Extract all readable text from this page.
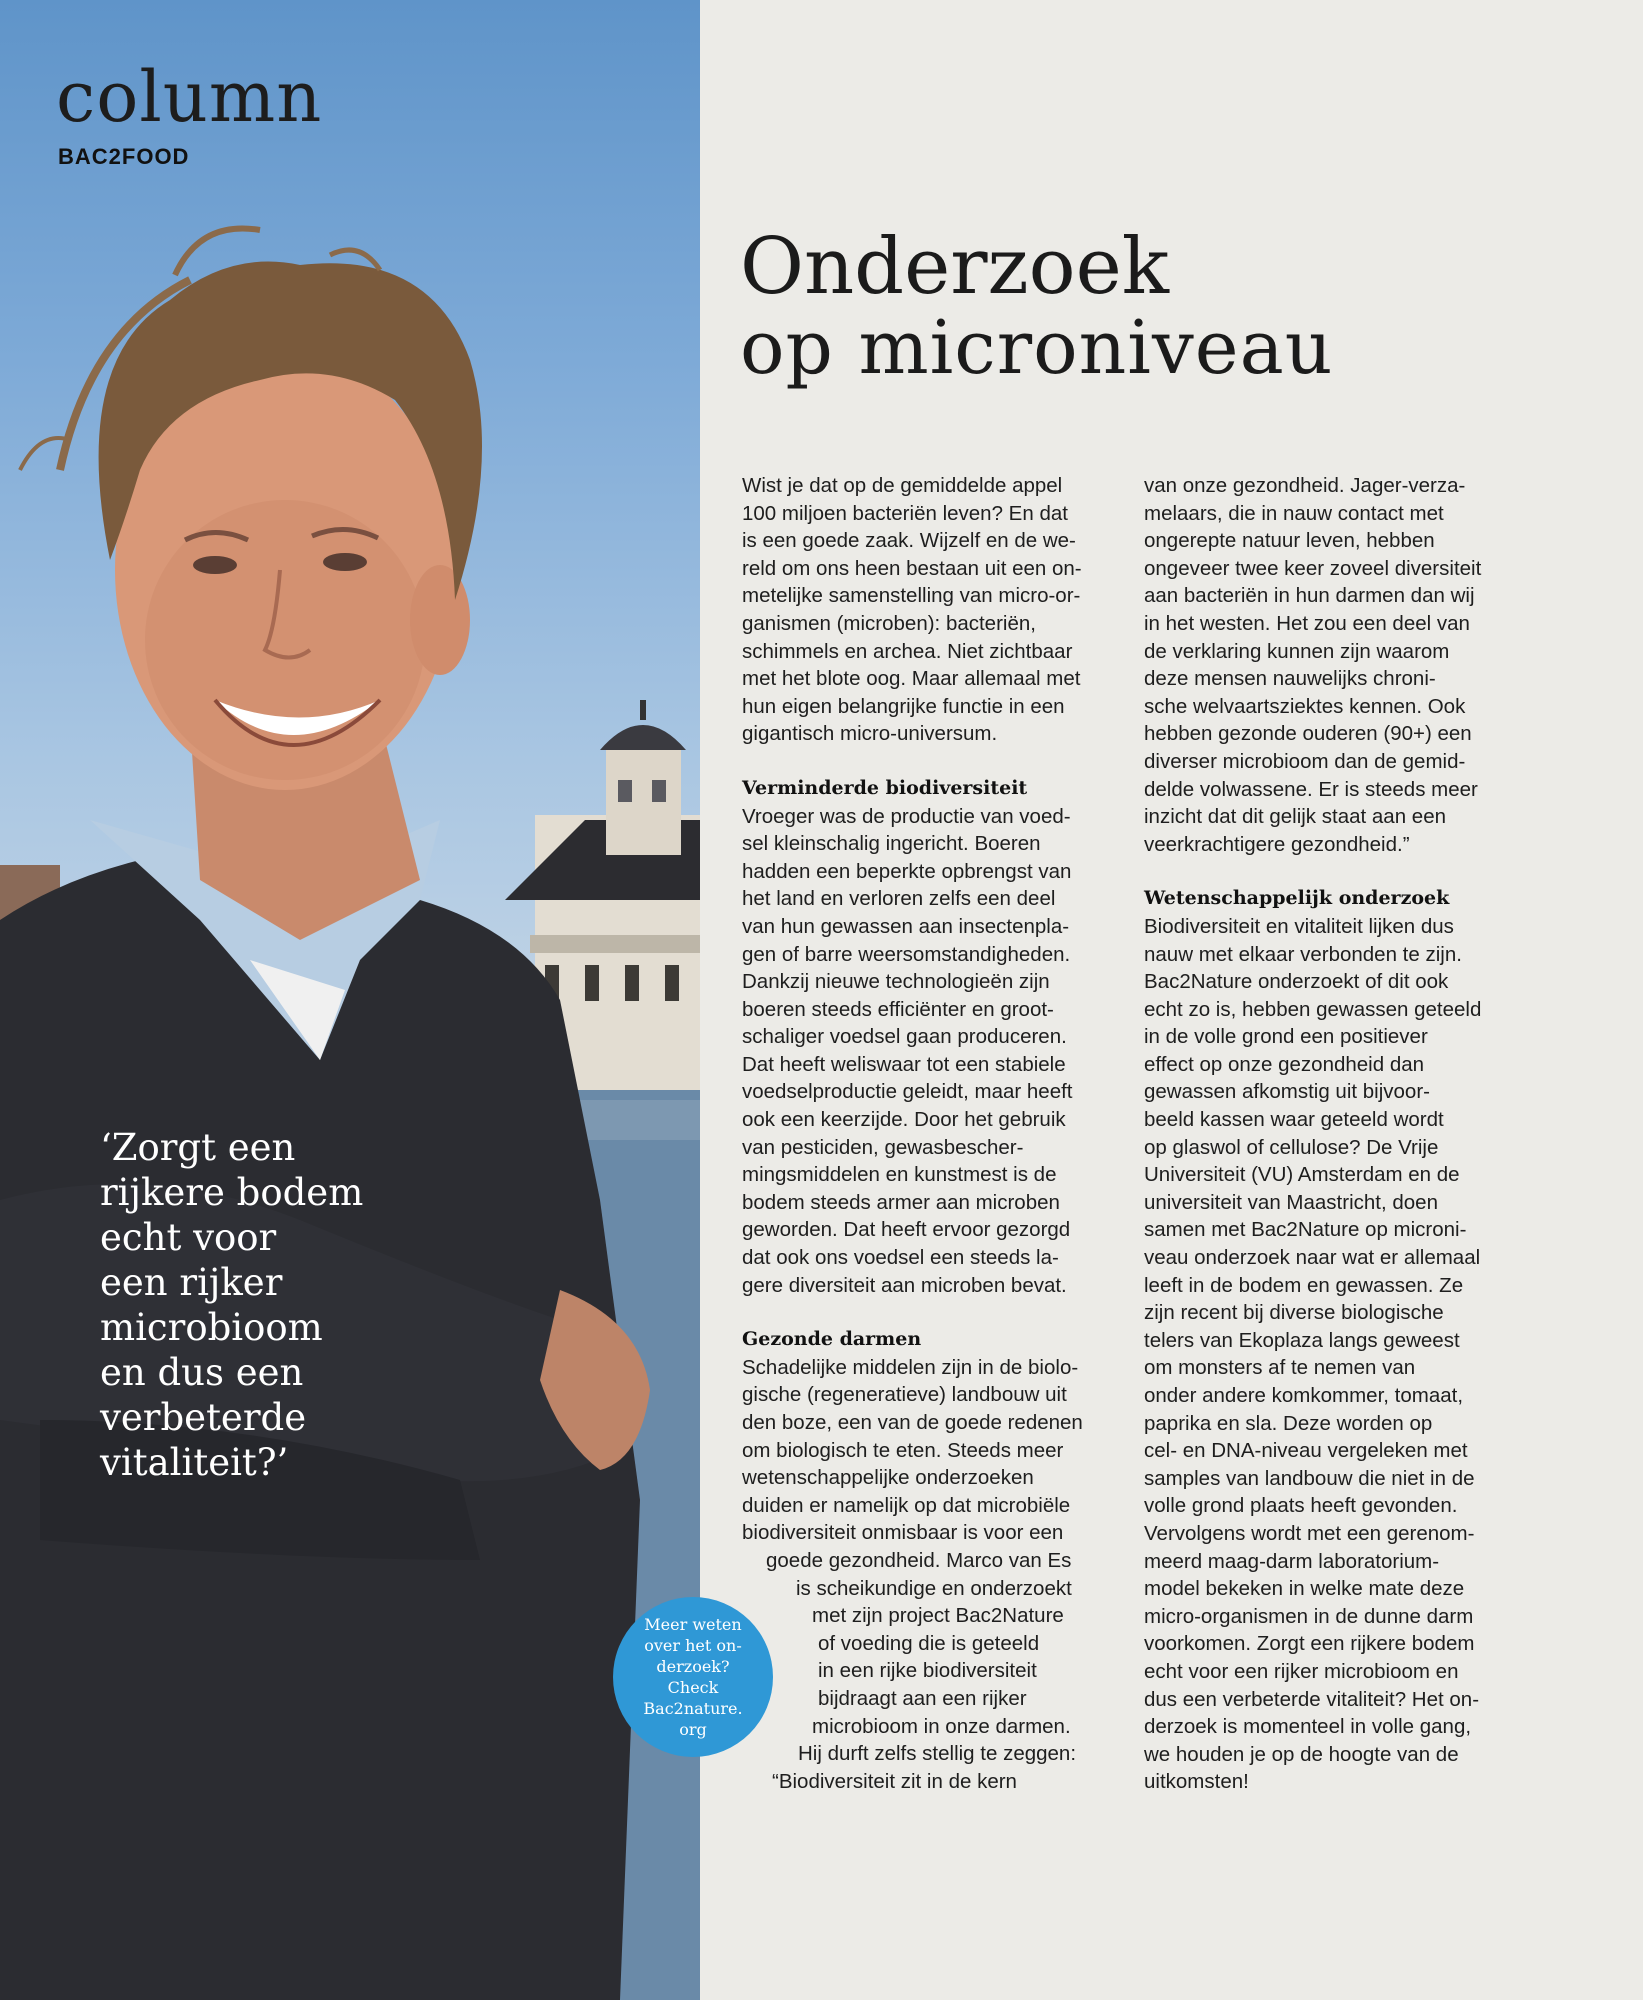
column

BAC2FOOD

‘Zorgt een
rijkere bodem
echt voor
een rijker
microbioom
en dus een
verbeterde
vitaliteit?’

Meer weten
over het on-
derzoek? Check
Bac2nature.
org
Onderzoek
op microniveau

Wist je dat op de gemiddelde appel
100 miljoen bacteriën leven? En dat
is een goede zaak. Wijzelf en de we-
reld om ons heen bestaan uit een on-
metelijke samenstelling van micro-or-
ganismen (microben): bacteriën,
schimmels en archea. Niet zichtbaar
met het blote oog. Maar allemaal met
hun eigen belangrijke functie in een
gigantisch micro-universum.

Verminderde biodiversiteit

Vroeger was de productie van voed-
sel kleinschalig ingericht. Boeren
hadden een beperkte opbrengst van
het land en verloren zelfs een deel
van hun gewassen aan insectenpla-
gen of barre weersomstandigheden.
Dankzij nieuwe technologieën zijn
boeren steeds efficiënter en groot-
schaliger voedsel gaan produceren.
Dat heeft weliswaar tot een stabiele
voedselproductie geleidt, maar heeft
ook een keerzijde. Door het gebruik
van pesticiden, gewasbescher-
mingsmiddelen en kunstmest is de
bodem steeds armer aan microben
geworden. Dat heeft ervoor gezorgd
dat ook ons voedsel een steeds la-
gere diversiteit aan microben bevat.

Gezonde darmen

Schadelijke middelen zijn in de biolo-
gische (regeneratieve) landbouw uit
den boze, een van de goede redenen
om biologisch te eten. Steeds meer
wetenschappelijke onderzoeken
duiden er namelijk op dat microbiële
biodiversiteit onmisbaar is voor een
goede gezondheid. Marco van Es
is scheikundige en onderzoekt
met zijn project Bac2Nature
of voeding die is geteeld
in een rijke biodiversiteit
bijdraagt aan een rijker
microbioom in onze darmen.
Hij durft zelfs stellig te zeggen:
“Biodiversiteit zit in de kern

van onze gezondheid. Jager-verza-
melaars, die in nauw contact met
ongerepte natuur leven, hebben
ongeveer twee keer zoveel diversiteit
aan bacteriën in hun darmen dan wij
in het westen. Het zou een deel van
de verklaring kunnen zijn waarom
deze mensen nauwelijks chroni-
sche welvaartsziektes kennen. Ook
hebben gezonde ouderen (90+) een
diverser microbioom dan de gemid-
delde volwassene. Er is steeds meer
inzicht dat dit gelijk staat aan een
veerkrachtigere gezondheid.”

Wetenschappelijk onderzoek

Biodiversiteit en vitaliteit lijken dus
nauw met elkaar verbonden te zijn.
Bac2Nature onderzoekt of dit ook
echt zo is, hebben gewassen geteeld
in de volle grond een positiever
effect op onze gezondheid dan
gewassen afkomstig uit bijvoor-
beeld kassen waar geteeld wordt
op glaswol of cellulose? De Vrije
Universiteit (VU) Amsterdam en de
universiteit van Maastricht, doen
samen met Bac2Nature op microni-
veau onderzoek naar wat er allemaal
leeft in de bodem en gewassen. Ze
zijn recent bij diverse biologische
telers van Ekoplaza langs geweest
om monsters af te nemen van
onder andere komkommer, tomaat,
paprika en sla. Deze worden op
cel- en DNA-niveau vergeleken met
samples van landbouw die niet in de
volle grond plaats heeft gevonden.
Vervolgens wordt met een gerenom-
meerd maag-darm laboratorium-
model bekeken in welke mate deze
micro-organismen in de dunne darm
voorkomen. Zorgt een rijkere bodem
echt voor een rijker microbioom en
dus een verbeterde vitaliteit? Het on-
derzoek is momenteel in volle gang,
we houden je op de hoogte van de
uitkomsten!
